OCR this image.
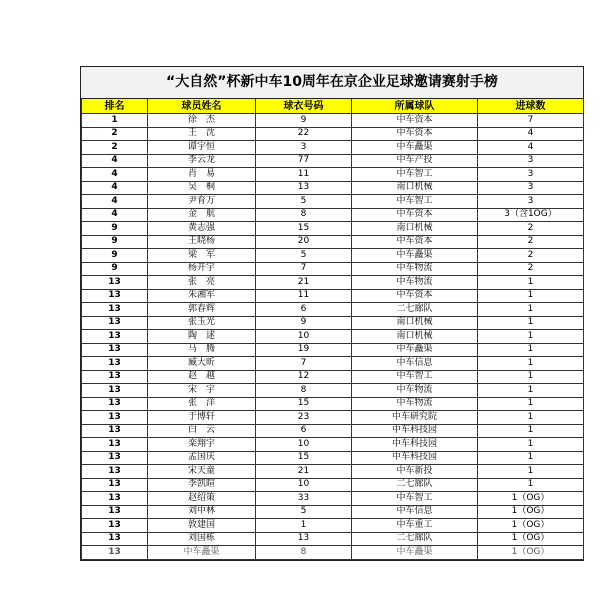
“大自然”杯新中车10周年在京企业足球邀请赛射手榜
排名	球员姓名	球衣号码	所属球队	进球数
1	徐　杰	9	中车资本	7
2	王　沈	22	中车资本	4
2	谭宇恒	3	中车矗渠	4
4	李云龙	77	中车产投	3
4	肖　易	11	中车智工	3
4	吴　桐	13	南口机械	3
4	尹育万	5	中车智工	3
4	金　航	8	中车资本	3（含1OG）
9	黄志强	15	南口机械	2
9	王晓杨	20	中车资本	2
9	梁　军	5	中车矗渠	2
9	杨开宇	7	中车物流	2
13	张　亮	21	中车物流	1
13	朱湘军	11	中车资本	1
13	郭春辉	6	二七廊队	1
13	张玉光	9	南口机械	1
13	陶　逑	10	南口机械	1
13	马　腾	19	中车矗渠	1
13	臧大昕	7	中车信息	1
13	赵　越	12	中车智工	1
13	宋　宇	8	中车物流	1
13	张　洋	15	中车物流	1
13	于博轩	23	中车研究院	1
13	白　云	6	中车科技园	1
13	栾翔宇	10	中车科技园	1
13	孟国庆	15	中车科技园	1
13	宋天童	21	中车新投	1
13	李凯暄	10	二七廊队	1
13	赵绍策	33	中车智工	1（OG）
13	刘中林	5	中车信息	1（OG）
13	敦建国	1	中车重工	1（OG）
13	刘国栋	13	二七廊队	1（OG）
13	中车矗渠	8	中车矗渠	1（OG）
